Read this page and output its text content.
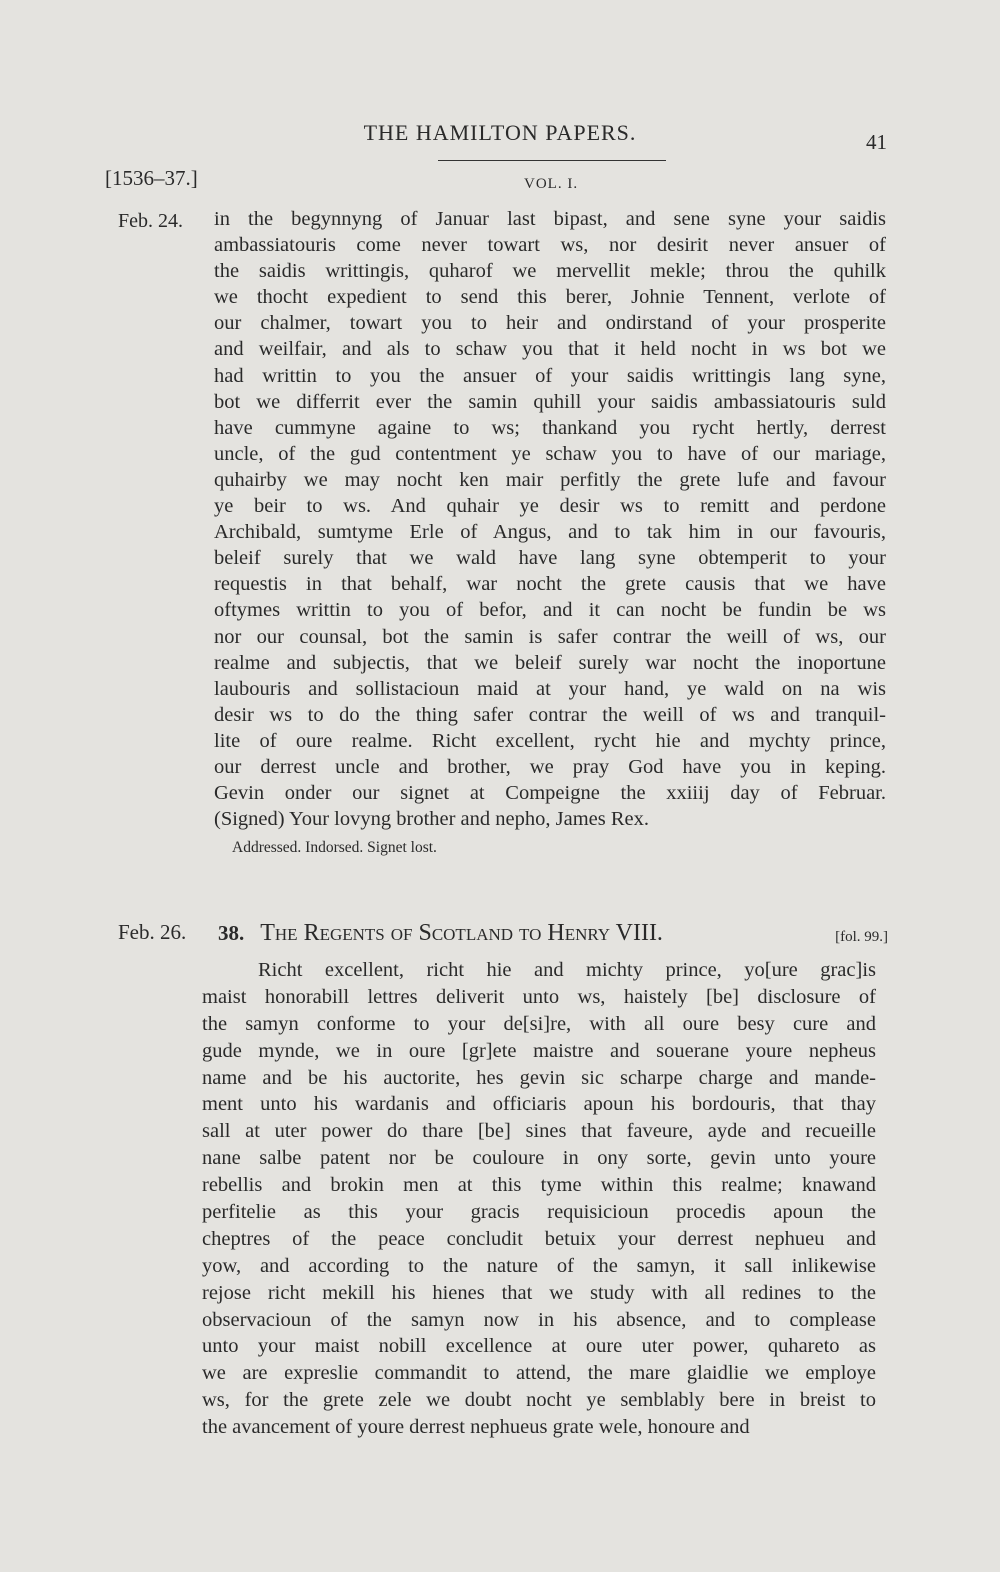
THE HAMILTON PAPERS.	41
[1536–37.]	VOL. I.
Feb. 24. in the begynnyng of Januar last bipast, and sene syne your saidis
ambassiatouris come never towart ws, nor desirit never ansuer of
the saidis writtingis, quharof we mervellit mekle; throu the quhilk
we thocht expedient to send this berer, Johnie Tennent, verlote of
our chalmer, towart you to heir and ondirstand of your prosperite
and weilfair, and als to schaw you that it held nocht in ws bot we
had writtin to you the ansuer of your saidis writtingis lang syne,
bot we differrit ever the samin quhill your saidis ambassiatouris suld
have cummyne againe to ws; thankand you rycht hertly, derrest
uncle, of the gud contentment ye schaw you to have of our mariage,
quhairby we may nocht ken mair perfitly the grete lufe and favour
ye beir to ws. And quhair ye desir ws to remitt and perdone
Archibald, sumtyme Erle of Angus, and to tak him in our favouris,
beleif surely that we wald have lang syne obtemperit to your
requestis in that behalf, war nocht the grete causis that we have
oftymes writtin to you of befor, and it can nocht be fundin be ws
nor our counsal, bot the samin is safer contrar the weill of ws, our
realme and subjectis, that we beleif surely war nocht the inoportune
laubouris and sollistacioun maid at your hand, ye wald on na wis
desir ws to do the thing safer contrar the weill of ws and tranquil-
lite of oure realme. Richt excellent, rycht hie and mychty prince,
our derrest uncle and brother, we pray God have you in keping.
Gevin onder our signet at Compeigne the xxiiij day of Februar.
(Signed) Your lovyng brother and nepho, James Rex.
Addressed. Indorsed. Signet lost.
Feb. 26. 38. The Regents of Scotland to Henry VIII.	[fol. 99.]
Richt excellent, richt hie and michty prince, yo[ure grac]is
maist honorabill lettres deliverit unto ws, haistely [be] disclosure of
the samyn conforme to your de[si]re, with all oure besy cure and
gude mynde, we in oure [gr]ete maistre and souerane youre nepheus
name and be his auctorite, hes gevin sic scharpe charge and mande-
ment unto his wardanis and officiaris apoun his bordouris, that thay
sall at uter power do thare [be] sines that faveure, ayde and recueille
nane salbe patent nor be couloure in ony sorte, gevin unto youre
rebellis and brokin men at this tyme within this realme; knawand
perfitelie as this your gracis requisicioun procedis apoun the
cheptres of the peace concludit betuix your derrest nephueu and
yow, and according to the nature of the samyn, it sall inlikewise
rejose richt mekill his hienes that we study with all redines to the
observacioun of the samyn now in his absence, and to complease
unto your maist nobill excellence at oure uter power, quhareto as
we are expreslie commandit to attend, the mare glaidlie we employe
ws, for the grete zele we doubt nocht ye semblably bere in breist to
the avancement of youre derrest nephueus grate wele, honoure and
